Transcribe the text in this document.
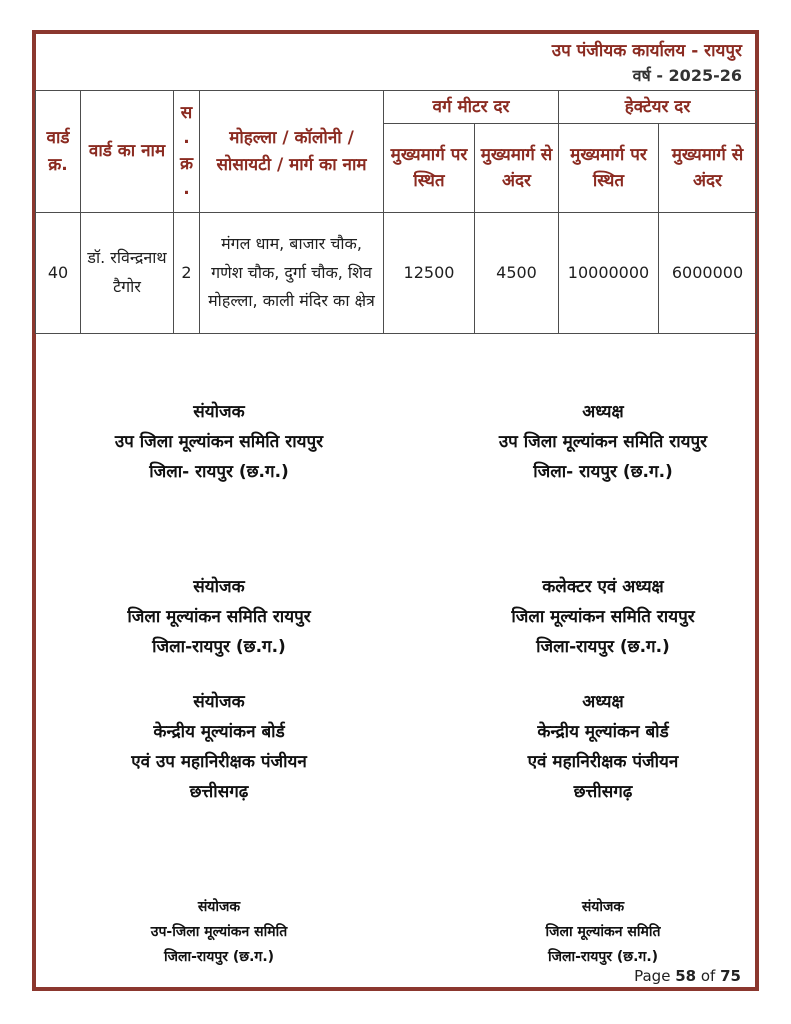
उप पंजीयक कार्यालय - रायपुर
वर्ष - 2025-26
वार्ड क्र.	वार्ड का नाम	स . क्र .	मोहल्ला / कॉलोनी / सोसायटी / मार्ग का नाम	वर्ग मीटर दर		हेक्टेयर दर	
				मुख्यमार्ग पर स्थित	मुख्यमार्ग से अंदर	मुख्यमार्ग पर स्थित	मुख्यमार्ग से अंदर
40	डॉ. रविन्द्रनाथ टैगोर	2	मंगल धाम, बाजार चौक, गणेश चौक, दुर्गा चौक, शिव मोहल्ला, काली मंदिर का क्षेत्र	12500	4500	10000000	6000000
संयोजक
उप जिला मूल्यांकन समिति रायपुर
जिला- रायपुर (छ.ग.)
अध्यक्ष
उप जिला मूल्यांकन समिति रायपुर
जिला- रायपुर (छ.ग.)
संयोजक
जिला मूल्यांकन समिति रायपुर
जिला-रायपुर (छ.ग.)
कलेक्टर एवं अध्यक्ष
जिला मूल्यांकन समिति रायपुर
जिला-रायपुर (छ.ग.)
संयोजक
केन्द्रीय मूल्यांकन बोर्ड
एवं उप महानिरीक्षक पंजीयन
छत्तीसगढ़
अध्यक्ष
केन्द्रीय मूल्यांकन बोर्ड
एवं महानिरीक्षक पंजीयन
छत्तीसगढ़
संयोजक
उप-जिला मूल्यांकन समिति
जिला-रायपुर (छ.ग.)
संयोजक
जिला मूल्यांकन समिति
जिला-रायपुर (छ.ग.)
Page 58 of 75
